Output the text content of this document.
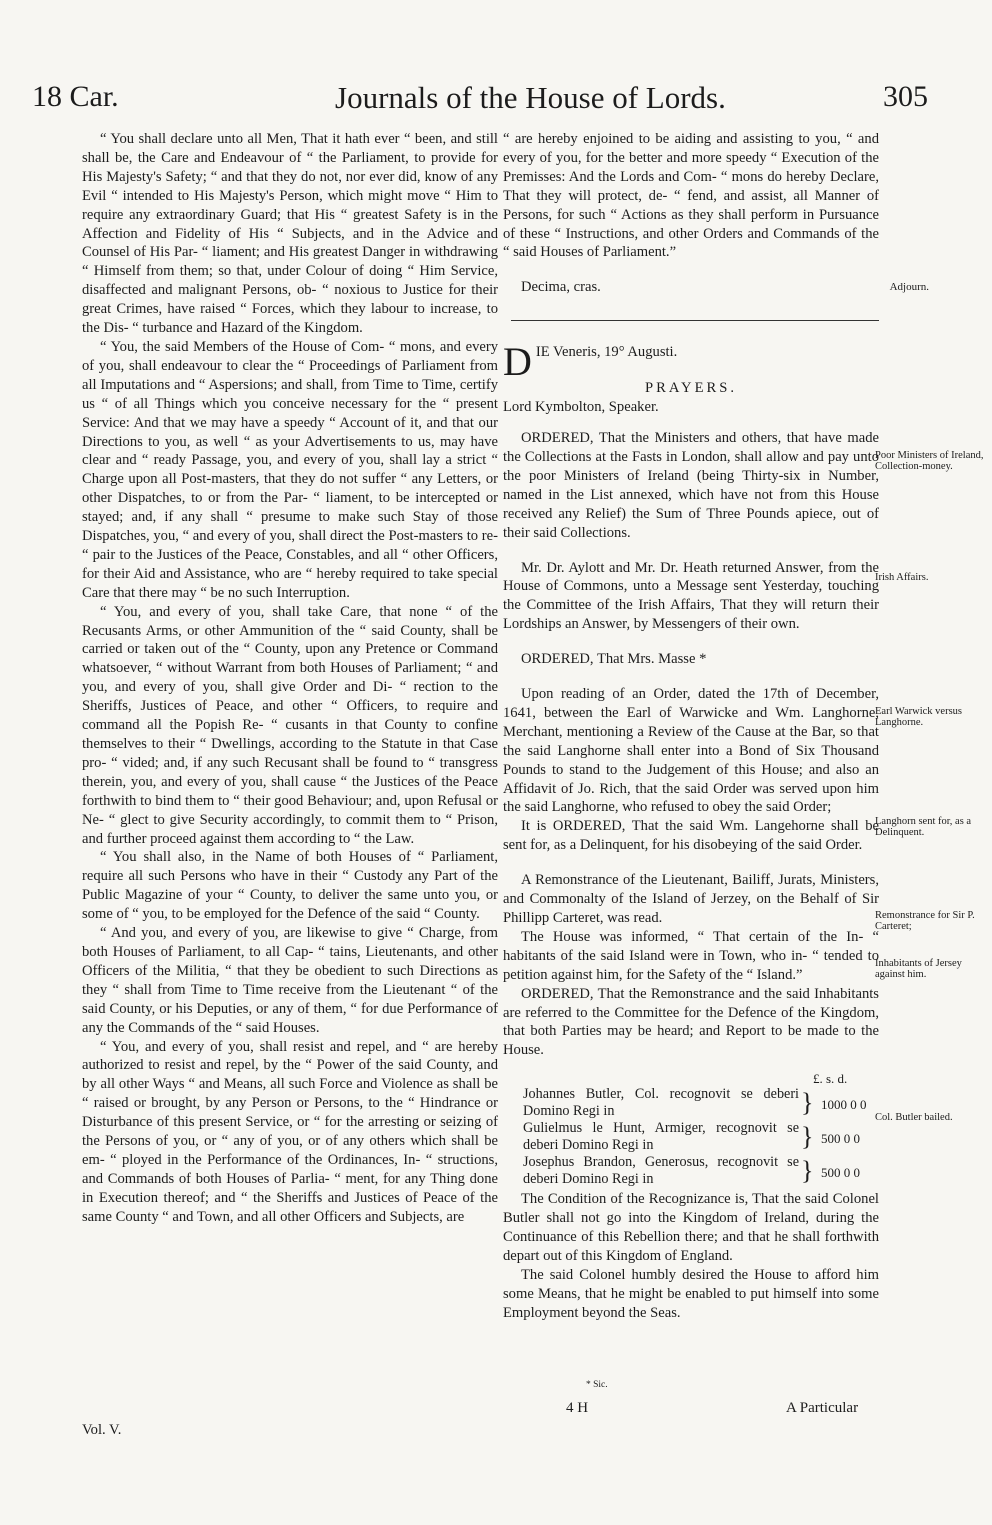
18 Car.	Journals of the House of Lords.	305

“ You shall declare unto all Men, That it hath ever “ been, and still shall be, the Care and Endeavour of “ the Parliament, to provide for His Majesty's Safety; “ and that they do not, nor ever did, know of any Evil “ intended to His Majesty's Person, which might move “ Him to require any extraordinary Guard; that His “ greatest Safety is in the Affection and Fidelity of His “ Subjects, and in the Advice and Counsel of His Par- “ liament; and His greatest Danger in withdrawing “ Himself from them; so that, under Colour of doing “ Him Service, disaffected and malignant Persons, ob- “ noxious to Justice for their great Crimes, have raised “ Forces, which they labour to increase, to the Dis- “ turbance and Hazard of the Kingdom.

“ You, the said Members of the House of Com- “ mons, and every of you, shall endeavour to clear the “ Proceedings of Parliament from all Imputations and “ Aspersions; and shall, from Time to Time, certify us “ of all Things which you conceive necessary for the “ present Service: And that we may have a speedy “ Account of it, and that our Directions to you, as well “ as your Advertisements to us, may have clear and “ ready Passage, you, and every of you, shall lay a strict “ Charge upon all Post-masters, that they do not suffer “ any Letters, or other Dispatches, to or from the Par- “ liament, to be intercepted or stayed; and, if any shall “ presume to make such Stay of those Dispatches, you, “ and every of you, shall direct the Post-masters to re- “ pair to the Justices of the Peace, Constables, and all “ other Officers, for their Aid and Assistance, who are “ hereby required to take special Care that there may “ be no such Interruption.

“ You, and every of you, shall take Care, that none “ of the Recusants Arms, or other Ammunition of the “ said County, shall be carried or taken out of the “ County, upon any Pretence or Command whatsoever, “ without Warrant from both Houses of Parliament; “ and you, and every of you, shall give Order and Di- “ rection to the Sheriffs, Justices of Peace, and other “ Officers, to require and command all the Popish Re- “ cusants in that County to confine themselves to their “ Dwellings, according to the Statute in that Case pro- “ vided; and, if any such Recusant shall be found to “ transgress therein, you, and every of you, shall cause “ the Justices of the Peace forthwith to bind them to “ their good Behaviour; and, upon Refusal or Ne- “ glect to give Security accordingly, to commit them to “ Prison, and further proceed against them according to “ the Law.

“ You shall also, in the Name of both Houses of “ Parliament, require all such Persons who have in their “ Custody any Part of the Public Magazine of your “ County, to deliver the same unto you, or some of “ you, to be employed for the Defence of the said “ County.

“ And you, and every of you, are likewise to give “ Charge, from both Houses of Parliament, to all Cap- “ tains, Lieutenants, and other Officers of the Militia, “ that they be obedient to such Directions as they “ shall from Time to Time receive from the Lieutenant “ of the said County, or his Deputies, or any of them, “ for due Performance of any the Commands of the “ said Houses.

“ You, and every of you, shall resist and repel, and “ are hereby authorized to resist and repel, by the “ Power of the said County, and by all other Ways “ and Means, all such Force and Violence as shall be “ raised or brought, by any Person or Persons, to the “ Hindrance or Disturbance of this present Service, or “ for the arresting or seizing of the Persons of you, or “ any of you, or of any others which shall be em- “ ployed in the Performance of the Ordinances, In- “ structions, and Commands of both Houses of Parlia- “ ment, for any Thing done in Execution thereof; and “ the Sheriffs and Justices of Peace of the same County “ and Town, and all other Officers and Subjects, are

“ are hereby enjoined to be aiding and assisting to you, “ and every of you, for the better and more speedy “ Execution of the Premisses: And the Lords and Com- “ mons do hereby Declare, That they will protect, de- “ fend, and assist, all Manner of Persons, for such “ Actions as they shall perform in Pursuance of these “ Instructions, and other Orders and Commands of the “ said Houses of Parliament.”

Decima, cras.	Adjourn.

D IE Veneris, 19° Augusti.

PRAYERS.

Lord Kymbolton, Speaker.

ORDERED, That the Ministers and others, that have made the Collections at the Fasts in London, shall allow and pay unto the poor Ministers of Ireland (being Thirty-six in Number, named in the List annexed, which have not from this House received any Relief) the Sum of Three Pounds apiece, out of their said Collections.

Mr. Dr. Aylott and Mr. Dr. Heath returned Answer, from the House of Commons, unto a Message sent Yesterday, touching the Committee of the Irish Affairs, That they will return their Lordships an Answer, by Messengers of their own.

ORDERED, That Mrs. Masse *

Upon reading of an Order, dated the 17th of December, 1641, between the Earl of Warwicke and Wm. Langhorne, Merchant, mentioning a Review of the Cause at the Bar, so that the said Langhorne shall enter into a Bond of Six Thousand Pounds to stand to the Judgement of this House; and also an Affidavit of Jo. Rich, that the said Order was served upon him the said Langhorne, who refused to obey the said Order;

It is ORDERED, That the said Wm. Langehorne shall be sent for, as a Delinquent, for his disobeying of the said Order.

A Remonstrance of the Lieutenant, Bailiff, Jurats, Ministers, and Commonalty of the Island of Jerzey, on the Behalf of Sir Phillipp Carteret, was read.

The House was informed, “ That certain of the In- “ habitants of the said Island were in Town, who in- “ tended to petition against him, for the Safety of the “ Island.”

ORDERED, That the Remonstrance and the said Inhabitants are referred to the Committee for the Defence of the Kingdom, that both Parties may be heard; and Report to be made to the House.

£. s. d.
Johannes Butler, Col. recognovit se deberi Domino Regi in	} 1000 0 0
Gulielmus le Hunt, Armiger, recognovit se deberi Domino Regi in	} 500 0 0
Josephus Brandon, Generosus, recognovit se deberi Domino Regi in	} 500 0 0

The Condition of the Recognizance is, That the said Colonel Butler shall not go into the Kingdom of Ireland, during the Continuance of this Rebellion there; and that he shall forthwith depart out of this Kingdom of England.

The said Colonel humbly desired the House to afford him some Means, that he might be enabled to put himself into some Employment beyond the Seas.

Poor Ministers of Ireland, Collection-money.
Irish Affairs.
Earl Warwick versus Langhorne.
Langhorn sent for, as a Delinquent.
Remonstrance for Sir P. Carteret;
Inhabitants of Jersey against him.
Col. Butler bailed.
* Sic.
Vol. V.
4 H	A Particular
